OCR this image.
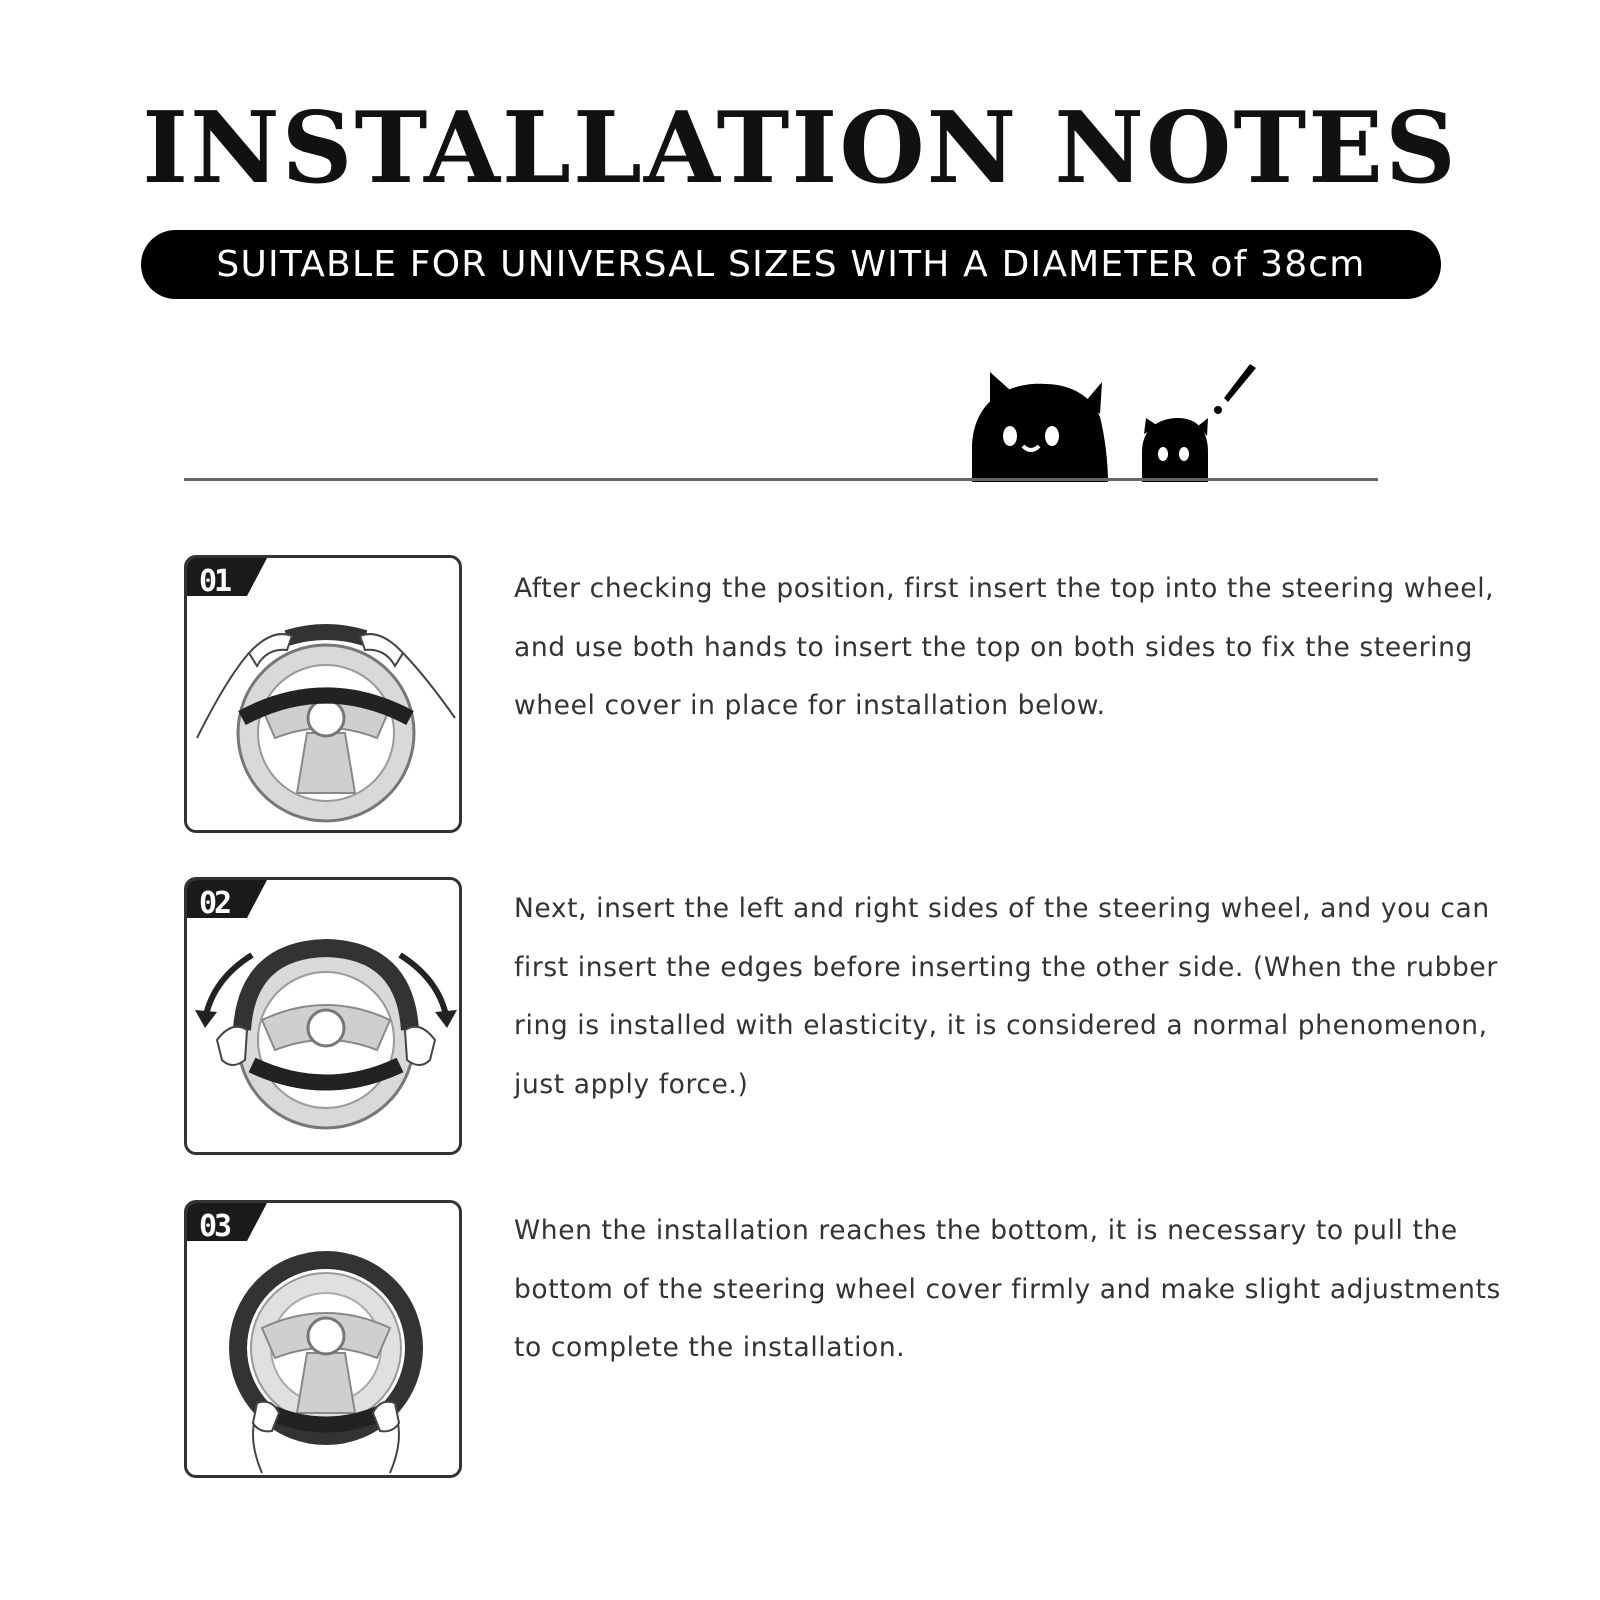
INSTALLATION NOTES
SUITABLE FOR UNIVERSAL SIZES WITH A DIAMETER of 38cm
01	After checking the position, first insert the top into the steering wheel, and use both hands to insert the top on both sides to fix the steering wheel cover in place for installation below.
02	Next, insert the left and right sides of the steering wheel, and you can first insert the edges before inserting the other side. (When the rubber ring is installed with elasticity, it is considered a normal phenomenon, just apply force.)
03	When the installation reaches the bottom, it is necessary to pull the bottom of the steering wheel cover firmly and make slight adjustments to complete the installation.
